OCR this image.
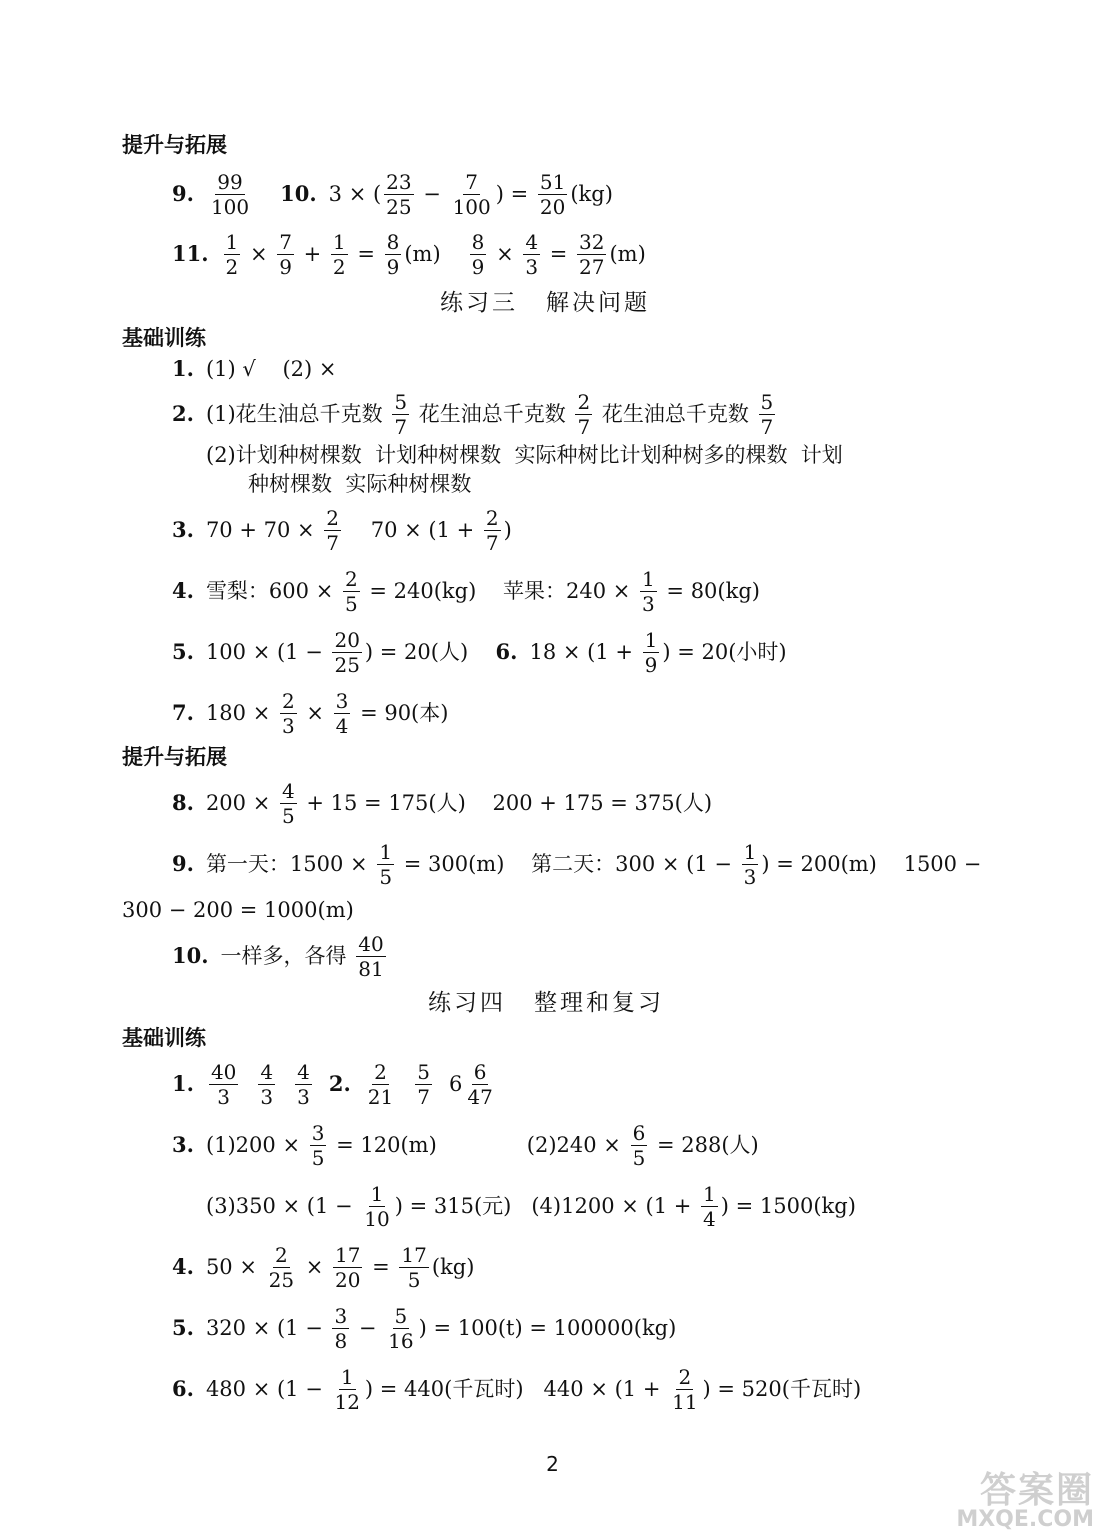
提升与拓展
9. $\frac{99}{100} 10$. 3 × ( $\frac{23}{25} - \frac{7}{100}$ ) = $\frac{51}{20} (kg)$
11. $\frac{1}{2} \times \frac{7}{9} + \frac{1}{2} = \frac{8}{9} (m) \frac{8}{9} \times \frac{4}{3} = \frac{32}{27} (m)$
练习三 解决问题
基础训练
1. (1) √    (2) ×
2. (1)花生油总千克数 $\frac{5}{7}$ 花生油总千克数 $\frac{2}{7}$ 花生油总千克数 $\frac{5}{7}$
(2)计划种树棵数  计划种树棵数  实际种树比计划种树多的棵数  计划
种树棵数  实际种树棵数
3. $70 + 70 \times \frac{2}{7} 70 \times (1 + \frac{2}{7}$ )
4. 雪梨：$600 \times \frac{2}{5} = 240(kg)$    苹果：$240 \times \frac{1}{3} = 80(kg)$
5. $100 \times (1 - \frac{20}{25}$ ) = 20(人) 6. $18 \times (1 + \frac{1}{9}$ ) = 20(小时)
7. $180 \times \frac{2}{3} \times \frac{3}{4} = 90$(本)
提升与拓展
8. $200 \times \frac{4}{5} + 15 = 175$(人)    200 + 175 = 375(人)
9. 第一天：$1500 \times \frac{1}{5} = 300(m)$    第二天：$300 \times (1 - \frac{1}{3}$ ) = 200(m)    1500 −
300 − 200 = 1000(m)
10. 一样多，各得 $\frac{40}{81}$
练习四 整理和复习
基础训练
1. $\frac{40}{3} \frac{4}{3} \frac{4}{3} 2$. $\frac{2}{21} \frac{5}{7} 6 \frac{6}{47}$
3. $(1)200 \times \frac{3}{5} = 120(m)$	$(2)240 \times \frac{6}{5} = 288$(人)
$(3)350 \times (1 - \frac{1}{10}$ ) = 315(元)   $(4)1200 \times (1 + \frac{1}{4}$ ) = 1500(kg)
4. $50 \times \frac{2}{25} \times \frac{17}{20} = \frac{17}{5} (kg)$
5. $320 \times (1 - \frac{3}{8} - \frac{5}{16}$ ) = 100(t) = 100000(kg)
6. $480 \times (1 - \frac{1}{12}$ ) = 440(千瓦时)   $440 \times (1 + \frac{2}{11}$ ) = 520(千瓦时)
2
答案圈
MXQE.COM
